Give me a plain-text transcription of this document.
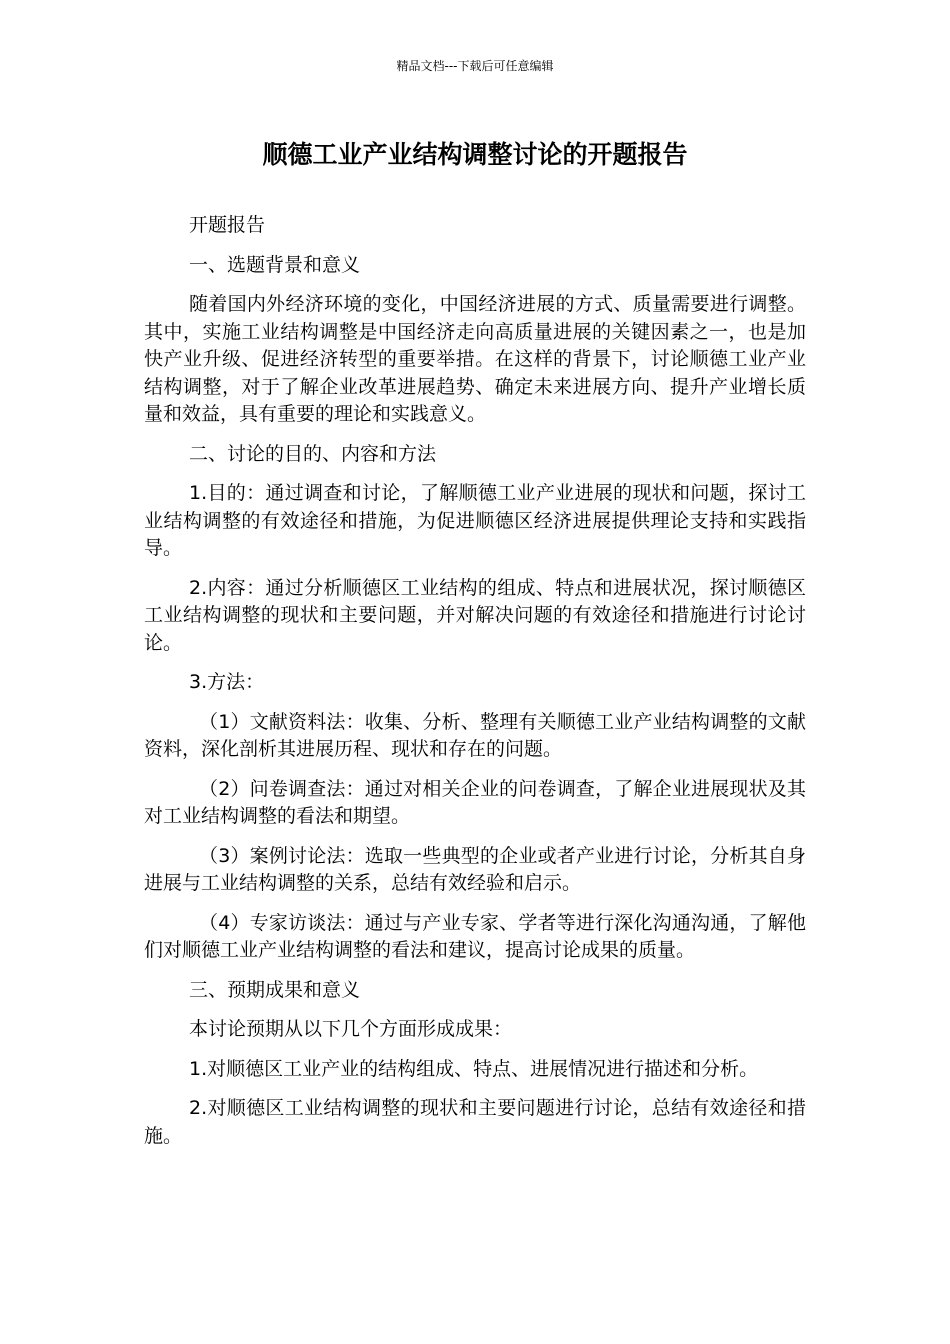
精品文档---下载后可任意编辑
顺德工业产业结构调整讨论的开题报告

开题报告

一、选题背景和意义

随着国内外经济环境的变化，中国经济进展的方式、质量需要进行调整。其中，实施工业结构调整是中国经济走向高质量进展的关键因素之一，也是加快产业升级、促进经济转型的重要举措。在这样的背景下，讨论顺德工业产业结构调整，对于了解企业改革进展趋势、确定未来进展方向、提升产业增长质量和效益，具有重要的理论和实践意义。

二、讨论的目的、内容和方法

1.目的：通过调查和讨论，了解顺德工业产业进展的现状和问题，探讨工业结构调整的有效途径和措施，为促进顺德区经济进展提供理论支持和实践指导。

2.内容：通过分析顺德区工业结构的组成、特点和进展状况，探讨顺德区工业结构调整的现状和主要问题，并对解决问题的有效途径和措施进行讨论讨论。

3.方法：

（1）文献资料法：收集、分析、整理有关顺德工业产业结构调整的文献资料，深化剖析其进展历程、现状和存在的问题。

（2）问卷调查法：通过对相关企业的问卷调查，了解企业进展现状及其对工业结构调整的看法和期望。

（3）案例讨论法：选取一些典型的企业或者产业进行讨论，分析其自身进展与工业结构调整的关系，总结有效经验和启示。

（4）专家访谈法：通过与产业专家、学者等进行深化沟通沟通，了解他们对顺德工业产业结构调整的看法和建议，提高讨论成果的质量。

三、预期成果和意义

本讨论预期从以下几个方面形成成果：

1.对顺德区工业产业的结构组成、特点、进展情况进行描述和分析。

2.对顺德区工业结构调整的现状和主要问题进行讨论，总结有效途径和措施。
